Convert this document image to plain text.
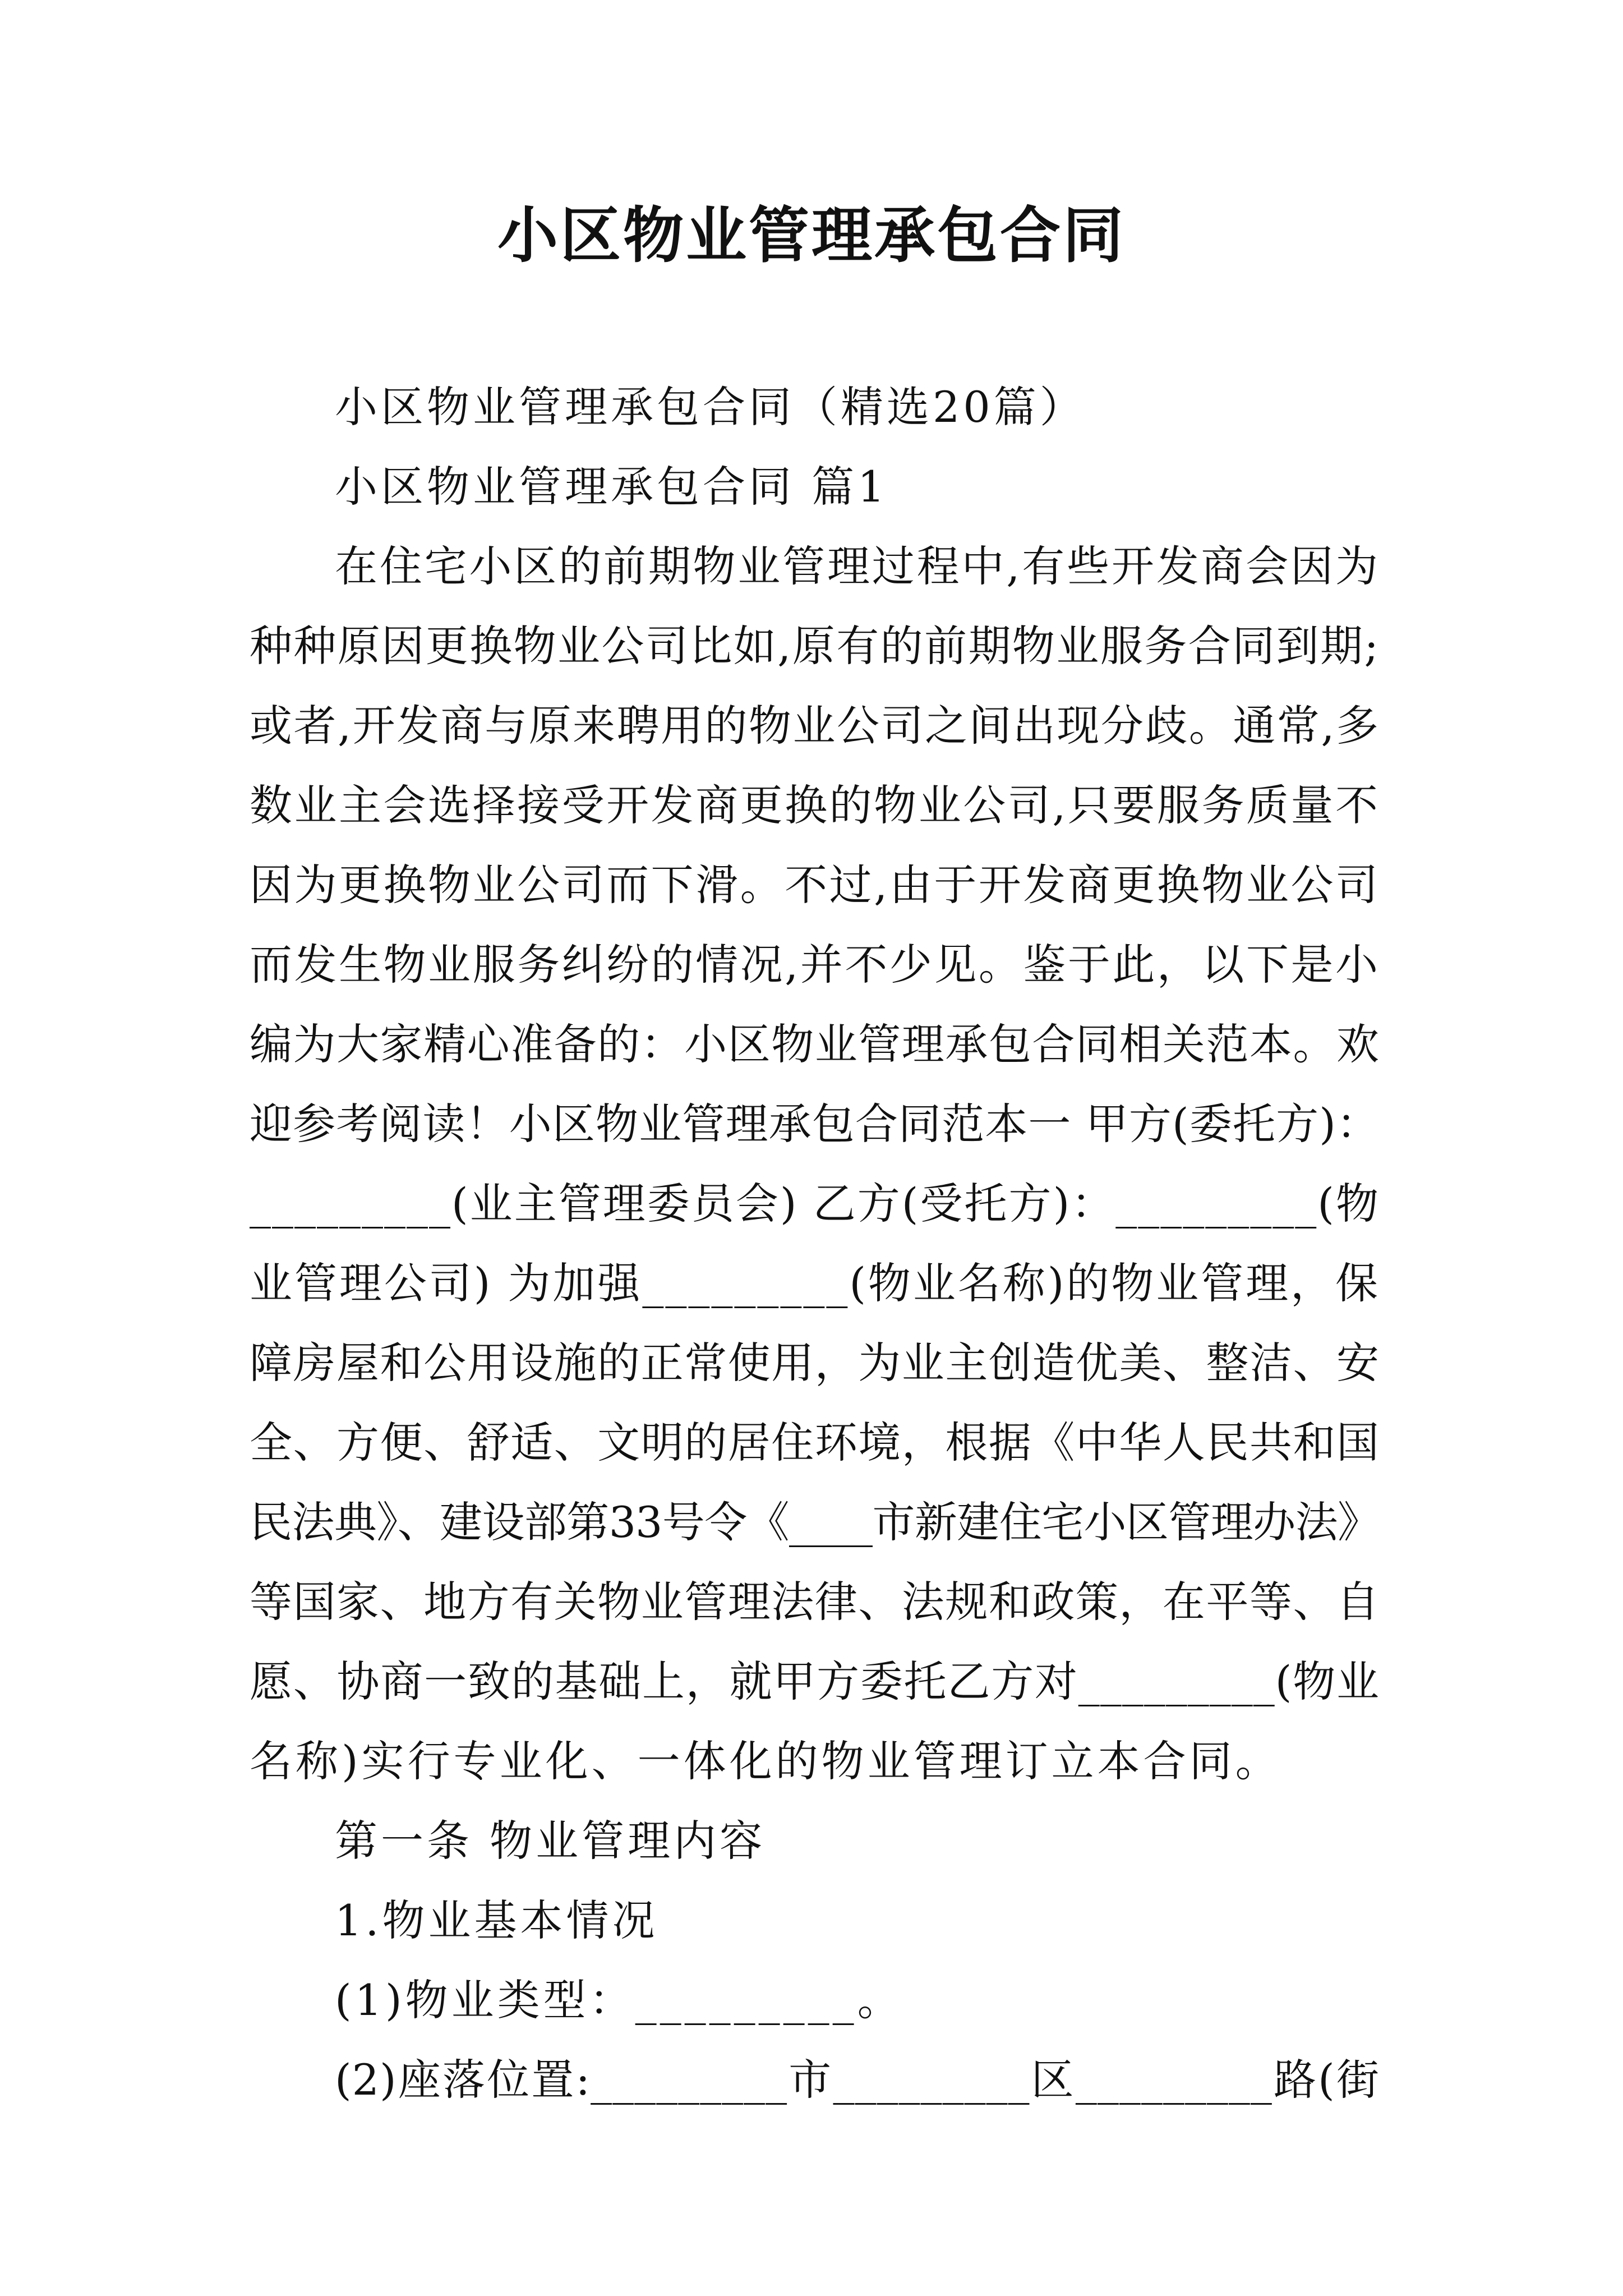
小区物业管理承包合同
小区物业管理承包合同（精选20篇）
小区物业管理承包合同 篇1
在住宅小区的前期物业管理过程中,有些开发商会因为
种种原因更换物业公司比如,原有的前期物业服务合同到期;
或者,开发商与原来聘用的物业公司之间出现分歧。通常,多
数业主会选择接受开发商更换的物业公司,只要服务质量不
因为更换物业公司而下滑。不过,由于开发商更换物业公司
而发生物业服务纠纷的情况,并不少见。鉴于此，以下是小
编为大家精心准备的：小区物业管理承包合同相关范本。欢
迎参考阅读！小区物业管理承包合同范本一 甲方(委托方)：
_________(业主管理委员会) 乙方(受托方)：_________(物
业管理公司) 为加强_________(物业名称)的物业管理，保
障房屋和公用设施的正常使用，为业主创造优美、整洁、安
全、方便、舒适、文明的居住环境，根据《中华人民共和国
民法典》、建设部第33号令《____市新建住宅小区管理办法》
等国家、地方有关物业管理法律、法规和政策，在平等、自
愿、协商一致的基础上，就甲方委托乙方对_________(物业
名称)实行专业化、一体化的物业管理订立本合同。
第一条 物业管理内容
1.物业基本情况
(1)物业类型：_________。
(2)座落位置:_________市_________区_________路(街
